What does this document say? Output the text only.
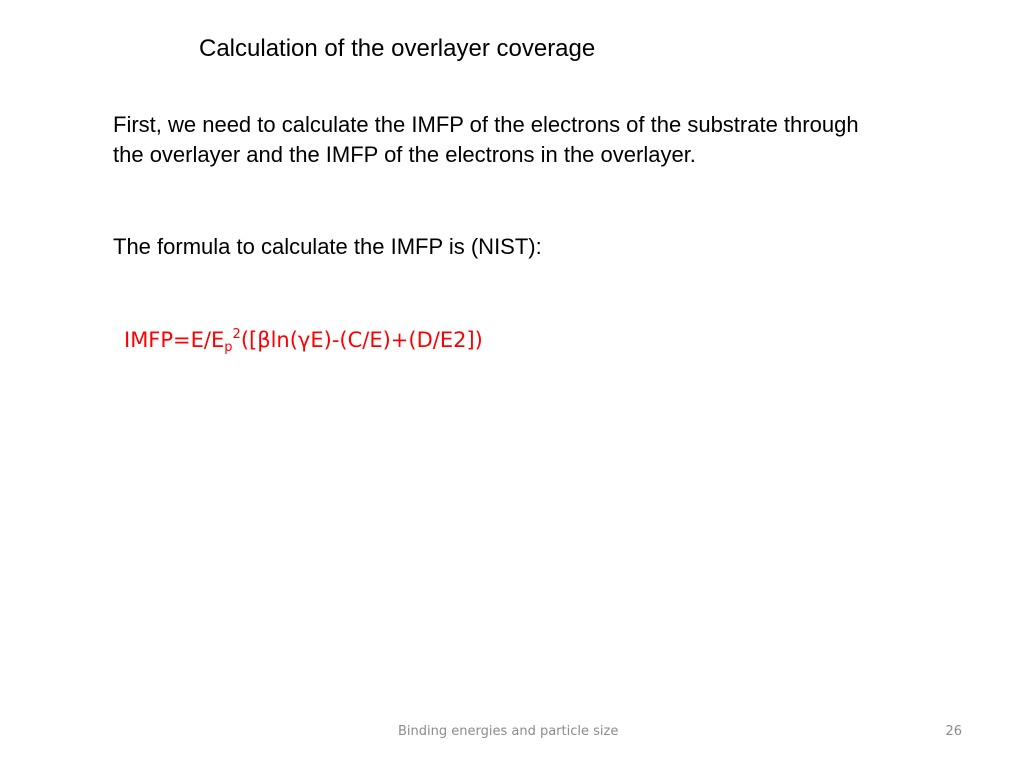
Calculation of the overlayer coverage

First, we need to calculate the IMFP of the electrons of the substrate through the overlayer and the IMFP of the electrons in the overlayer.

The formula to calculate the IMFP is (NIST):

$IMFP=E/E_p^2([\beta\ln(\gamma E)-(C/E)+(D/E2])$
Binding energies and particle size	26
